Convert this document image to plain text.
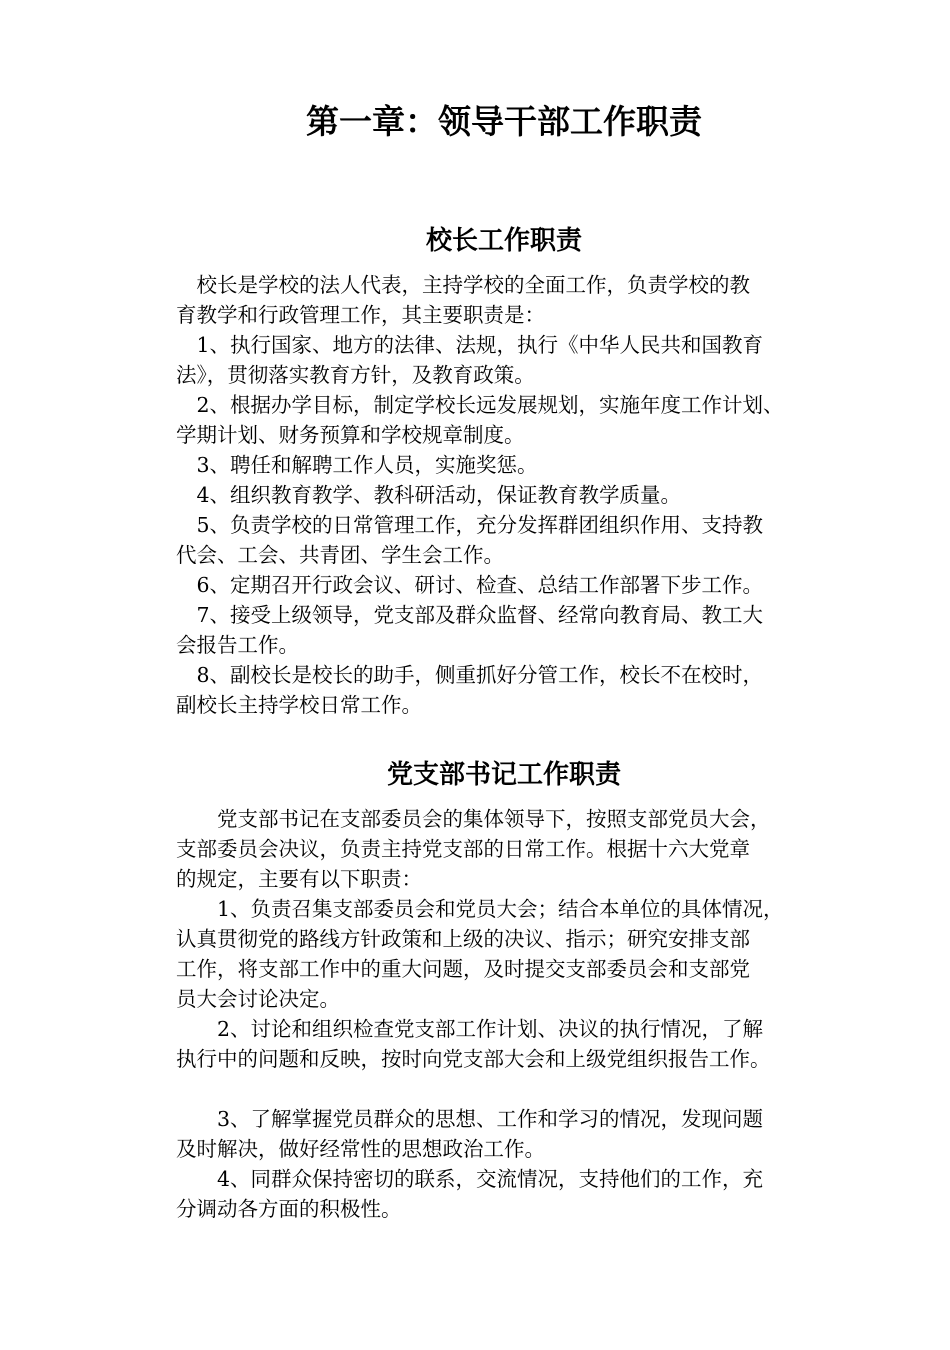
第一章：领导干部工作职责
校长工作职责
　校长是学校的法人代表，主持学校的全面工作，负责学校的教
育教学和行政管理工作，其主要职责是：
　1、执行国家、地方的法律、法规，执行《中华人民共和国教育
法》，贯彻落实教育方针，及教育政策。
　2、根据办学目标，制定学校长远发展规划，实施年度工作计划、
学期计划、财务预算和学校规章制度。
　3、聘任和解聘工作人员，实施奖惩。
　4、组织教育教学、教科研活动，保证教育教学质量。
　5、负责学校的日常管理工作，充分发挥群团组织作用、支持教
代会、工会、共青团、学生会工作。
　6、定期召开行政会议、研讨、检查、总结工作部署下步工作。
　7、接受上级领导，党支部及群众监督、经常向教育局、教工大
会报告工作。
　8、副校长是校长的助手，侧重抓好分管工作，校长不在校时，
副校长主持学校日常工作。
党支部书记工作职责
　　党支部书记在支部委员会的集体领导下，按照支部党员大会，
支部委员会决议，负责主持党支部的日常工作。根据十六大党章
的规定，主要有以下职责：
　　1、负责召集支部委员会和党员大会；结合本单位的具体情况，
认真贯彻党的路线方针政策和上级的决议、指示；研究安排支部
工作，将支部工作中的重大问题，及时提交支部委员会和支部党
员大会讨论决定。
　　2、讨论和组织检查党支部工作计划、决议的执行情况，了解
执行中的问题和反映，按时向党支部大会和上级党组织报告工作。
　　3、了解掌握党员群众的思想、工作和学习的情况，发现问题
及时解决，做好经常性的思想政治工作。
　　4、同群众保持密切的联系，交流情况，支持他们的工作，充
分调动各方面的积极性。
